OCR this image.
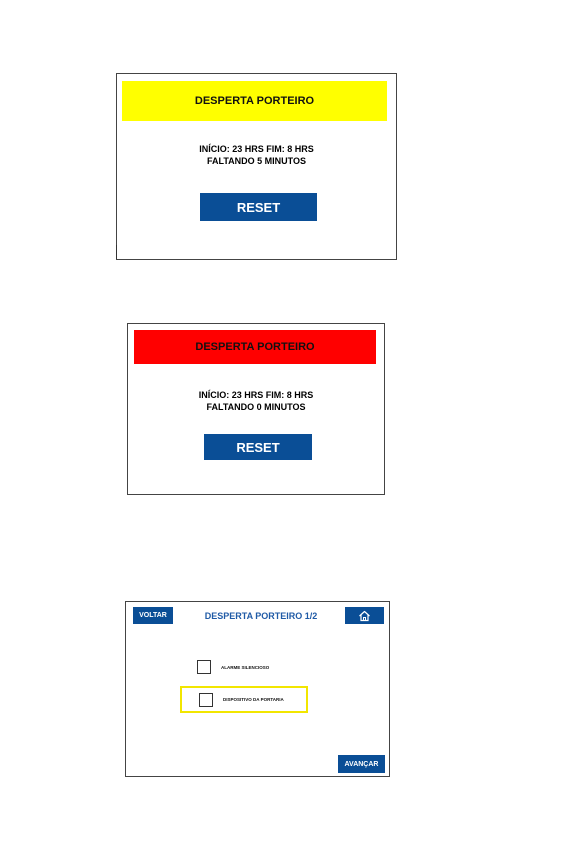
DESPERTA PORTEIRO
INÍCIO: 23 HRS FIM: 8 HRS
FALTANDO 5 MINUTOS
RESET
DESPERTA PORTEIRO
INÍCIO: 23 HRS FIM: 8 HRS
FALTANDO 0 MINUTOS
RESET
VOLTAR	DESPERTA PORTEIRO 1/2
ALARME SILENCIOSO
DISPOSITIVO DA PORTARIA
AVANÇAR
